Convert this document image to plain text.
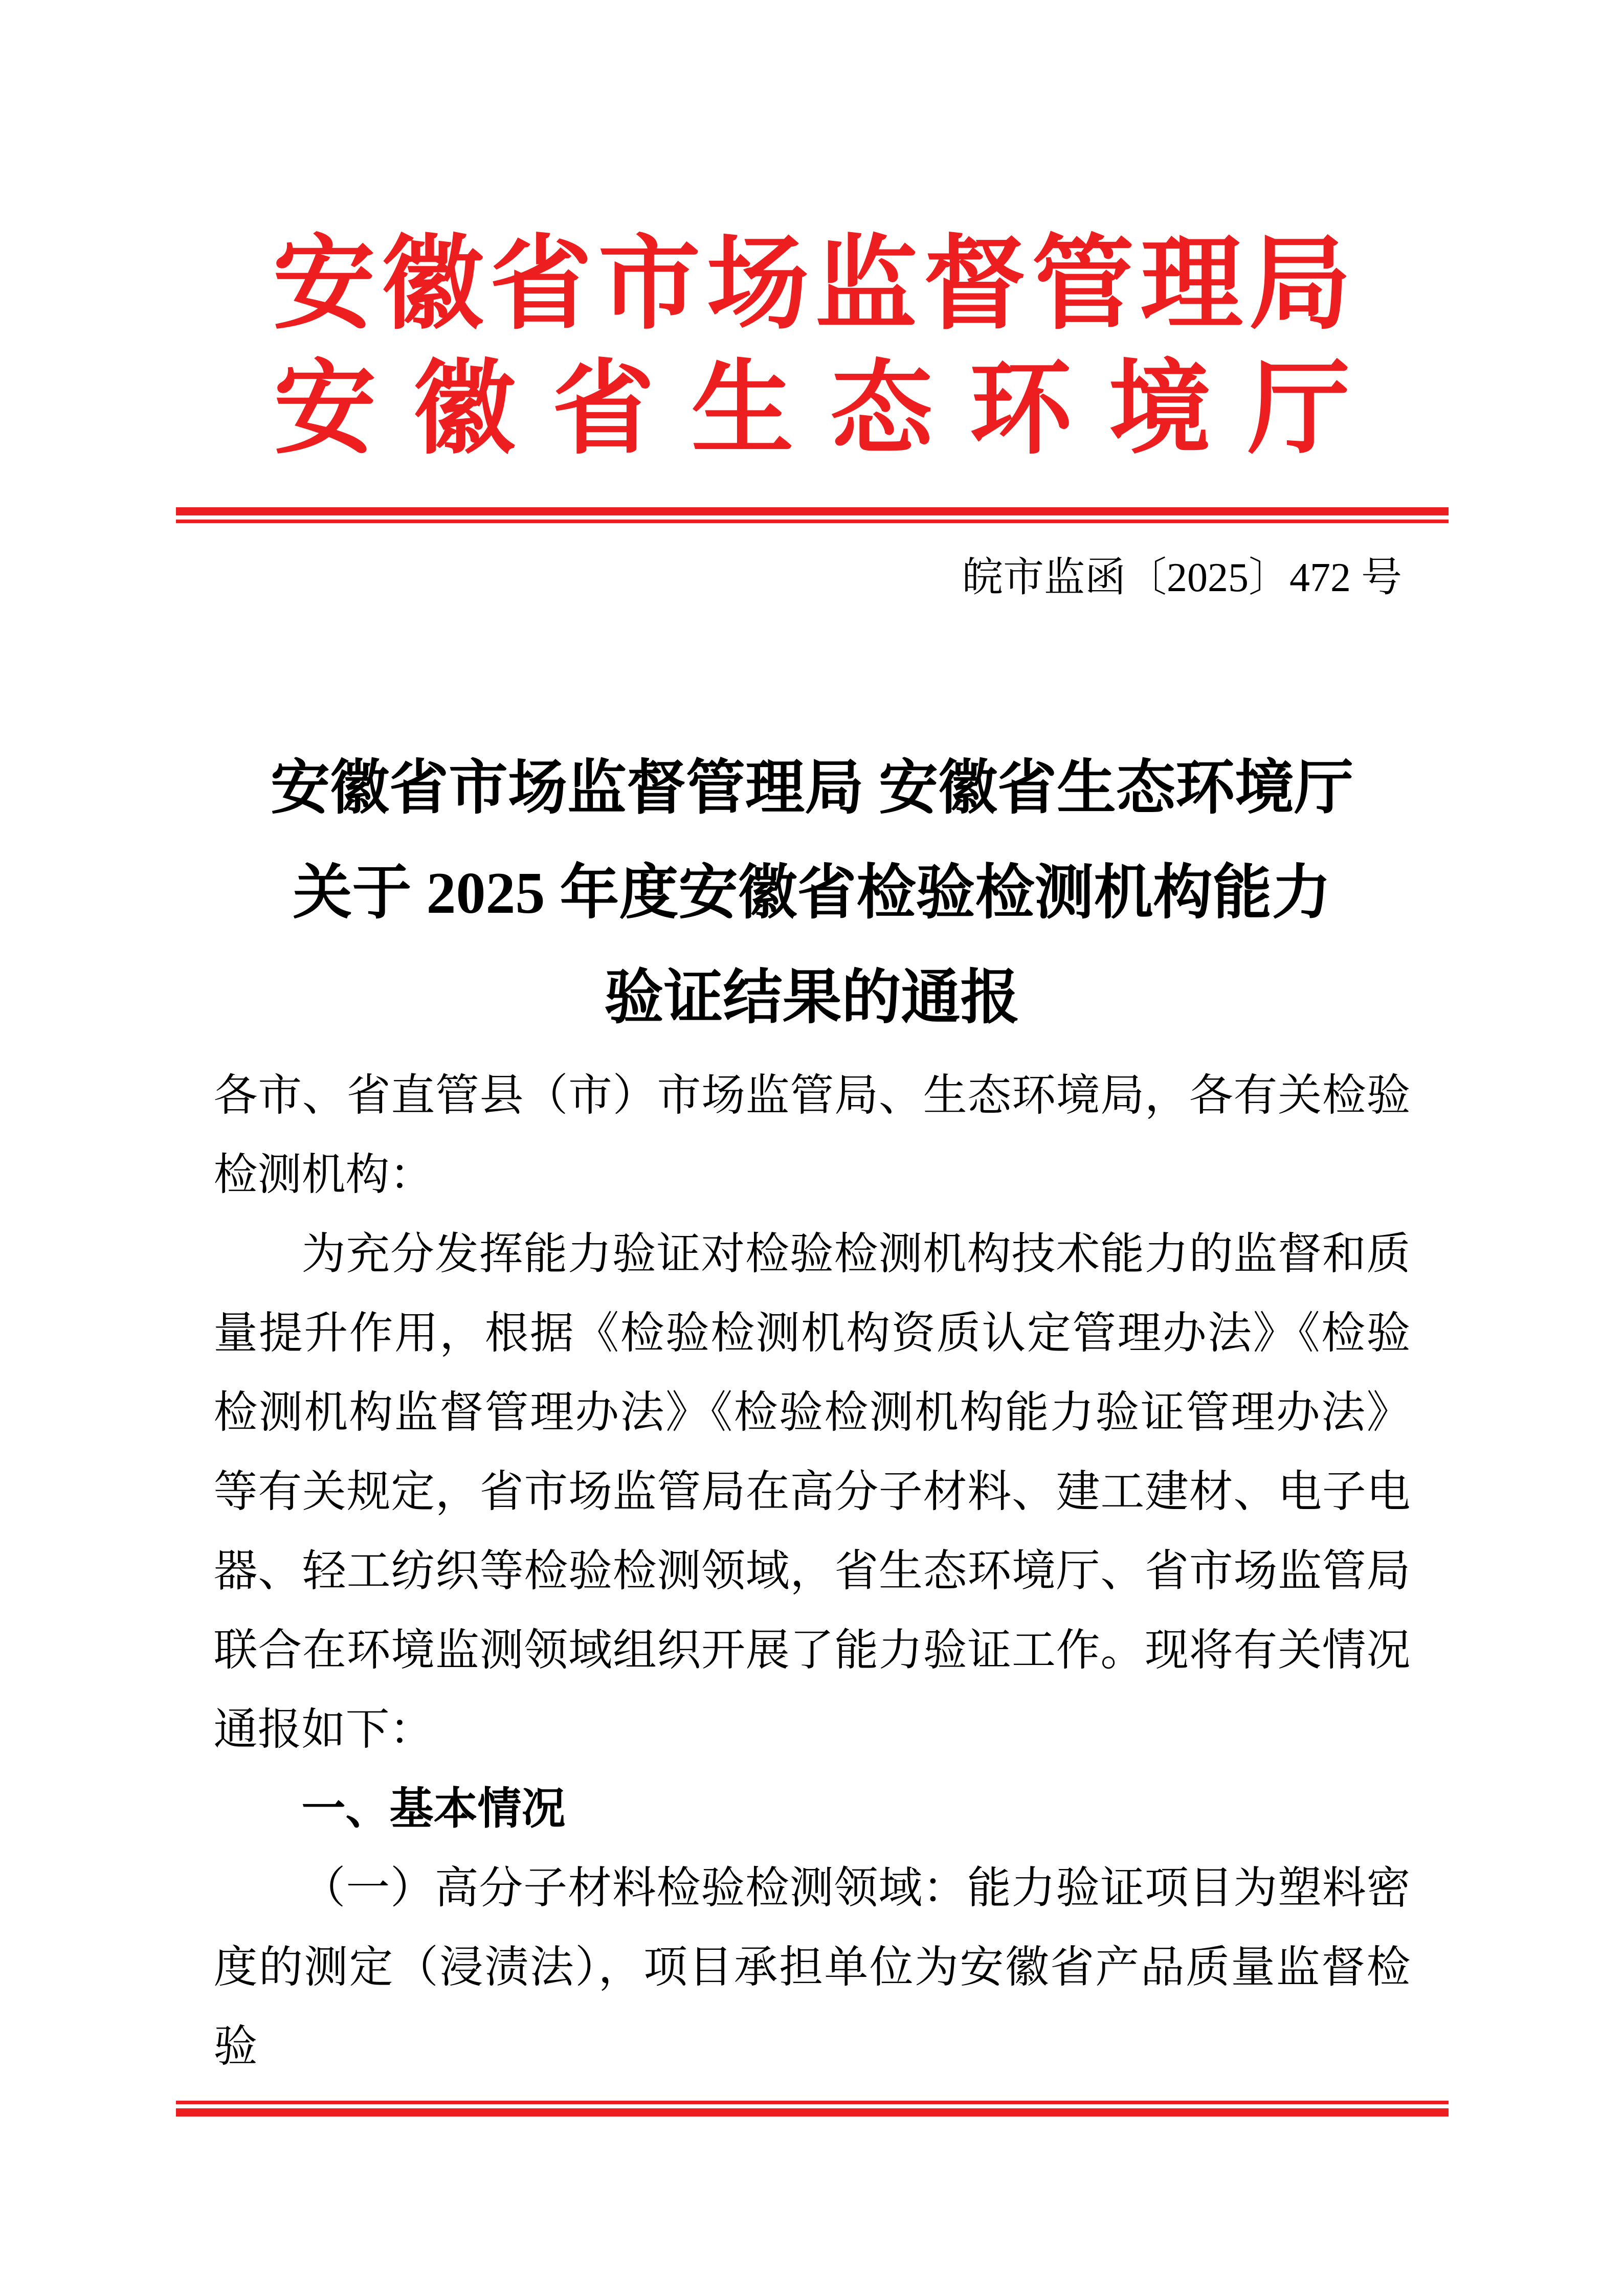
安徽省市场监督管理局
安徽省生态环境厅
皖市监函〔2025〕472 号
安徽省市场监督管理局 安徽省生态环境厅
关于 2025 年度安徽省检验检测机构能力
验证结果的通报

各市、省直管县（市）市场监管局、生态环境局，各有关检验检测机构：

为充分发挥能力验证对检验检测机构技术能力的监督和质量提升作用，根据《检验检测机构资质认定管理办法》《检验检测机构监督管理办法》《检验检测机构能力验证管理办法》等有关规定，省市场监管局在高分子材料、建工建材、电子电器、轻工纺织等检验检测领域，省生态环境厅、省市场监管局联合在环境监测领域组织开展了能力验证工作。现将有关情况通报如下：

一、基本情况

（一）高分子材料检验检测领域：能力验证项目为塑料密度的测定（浸渍法），项目承担单位为安徽省产品质量监督检验
